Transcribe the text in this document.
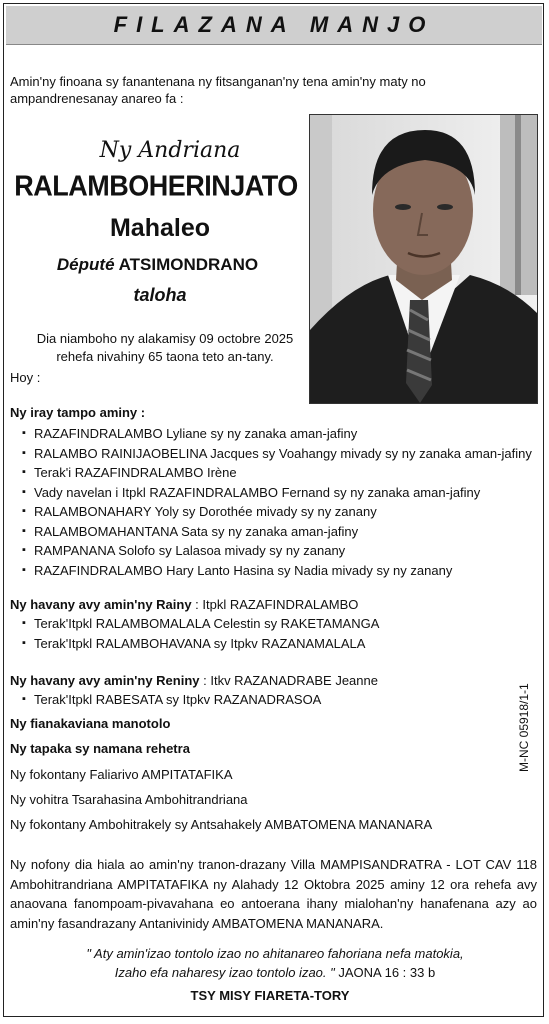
FILAZANA MANJO
Amin'ny finoana sy fanantenana ny fitsanganan'ny tena amin'ny maty no ampandrenesanay anareo fa :
Ny Andriana
RALAMBOHERINJATO
Mahaleo
Député ATSIMONDRANO
taloha
Dia niamboho ny alakamisy 09 octobre 2025
rehefa nivahiny 65 taona teto an-tany.
Hoy :
Ny iray tampo aminy :
▪ RAZAFINDRALAMBO Lyliane sy ny zanaka aman-jafiny
▪ RALAMBO RAINIJAOBELINA Jacques sy Voahangy mivady sy ny zanaka aman-jafiny
▪ Terak'i RAZAFINDRALAMBO Irène
▪ Vady navelan i Itpkl RAZAFINDRALAMBO Fernand sy ny zanaka aman-jafiny
▪ RALAMBONAHARY Yoly sy Dorothée mivady sy ny zanany
▪ RALAMBOMAHANTANA Sata sy ny zanaka aman-jafiny
▪ RAMPANANA Solofo sy Lalasoa mivady sy ny zanany
▪ RAZAFINDRALAMBO Hary Lanto Hasina sy Nadia mivady sy ny zanany
Ny havany avy amin'ny Rainy : Itpkl RAZAFINDRALAMBO
▪ Terak'Itpkl RALAMBOMALALA Celestin sy RAKETAMANGA
▪ Terak'Itpkl RALAMBOHAVANA sy Itpkv RAZANAMALALA
Ny havany avy amin'ny Reniny : Itkv RAZANADRABE Jeanne
▪ Terak'Itpkl RABESATA sy Itpkv RAZANADRASOA
Ny fianakaviana manotolo
Ny tapaka sy namana rehetra
Ny fokontany Faliarivo AMPITATAFIKA
Ny vohitra Tsarahasina Ambohitrandriana
Ny fokontany Ambohitrakely sy Antsahakely AMBATOMENA MANANARA
M-NC 05918/1-1
Ny nofony dia hiala ao amin'ny tranon-drazany Villa MAMPISANDRATRA - LOT CAV 118 Ambohitrandriana AMPITATAFIKA ny Alahady 12 Oktobra 2025 aminy 12 ora rehefa avy anaovana fanompoam-pivavahana eo antoerana ihany mialohan'ny hanafenana azy ao amin'ny fasandrazany Antanivinidy AMBATOMENA MANANARA.
" Aty amin'izao tontolo izao no ahitanareo fahoriana nefa matokia,
Izaho efa naharesy izao tontolo izao. " JAONA 16 : 33 b
TSY MISY FIARETA-TORY
